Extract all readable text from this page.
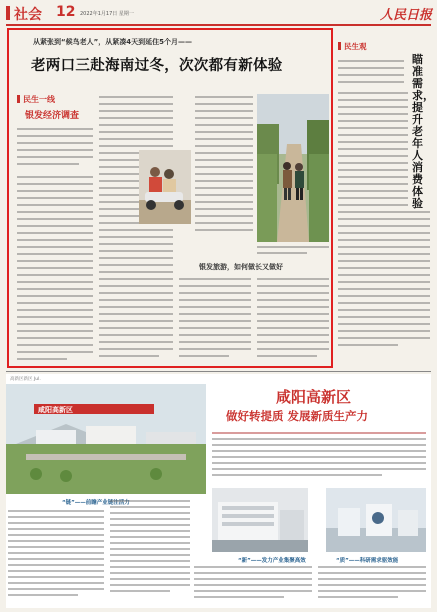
社会 12 2022年1月17日 星期一	人民日报
从紧张到“候鸟老人”，从紧凑4天到延住5个月——
老两口三赴海南过冬，次次都有新体验
民生一线
银发经济调查
银发旅游，如何做长又做好
民生观
瞄准需求，提升老年人消费体验
高新区新区 Jul.
咸阳高新区
咸阳高新区
做好转提质 发展新质生产力
“链”——前瞻产业链注活力
“新”——发力产业集聚高效	“质”——科研需求驱效能
